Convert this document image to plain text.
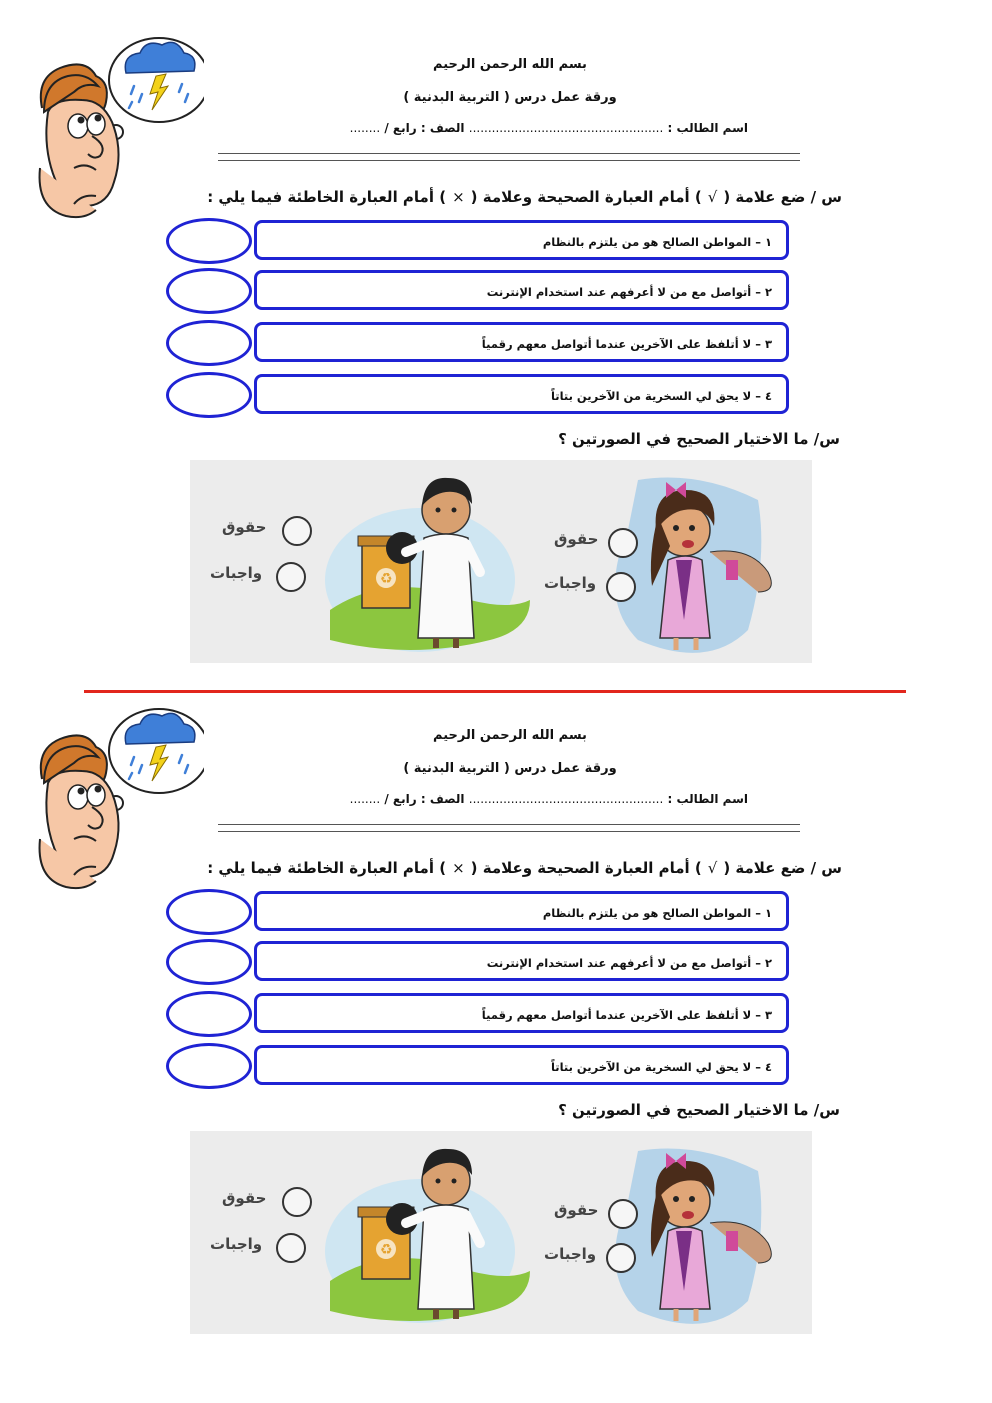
بسم الله الرحمن الرحيم
ورقة عمل درس ( التربية البدنية )
اسم الطالب : ................................................... الصف : رابع / ........
س / ضع علامة (√) أمام العبارة الصحيحة وعلامة (×) أمام العبارة الخاطئة فيما يلي :
١ – المواطن الصالح هو من يلتزم بالنظام
٢ – أتواصل مع من لا أعرفهم عند استخدام الإنترنت
٣ – لا أتلفظ على الآخرين عندما أتواصل معهم رقمياً
٤ – لا يحق لي السخرية من الآخرين بتاتاً
س/ ما الاختيار الصحيح في الصورتين ؟
حقوق
واجبات
حقوق
واجبات
بسم الله الرحمن الرحيم
ورقة عمل درس ( التربية البدنية )
اسم الطالب : ................................................... الصف : رابع / ........
س / ضع علامة (√) أمام العبارة الصحيحة وعلامة (×) أمام العبارة الخاطئة فيما يلي :
١ – المواطن الصالح هو من يلتزم بالنظام
٢ – أتواصل مع من لا أعرفهم عند استخدام الإنترنت
٣ – لا أتلفظ على الآخرين عندما أتواصل معهم رقمياً
٤ – لا يحق لي السخرية من الآخرين بتاتاً
س/ ما الاختيار الصحيح في الصورتين ؟
حقوق
واجبات
حقوق
واجبات
